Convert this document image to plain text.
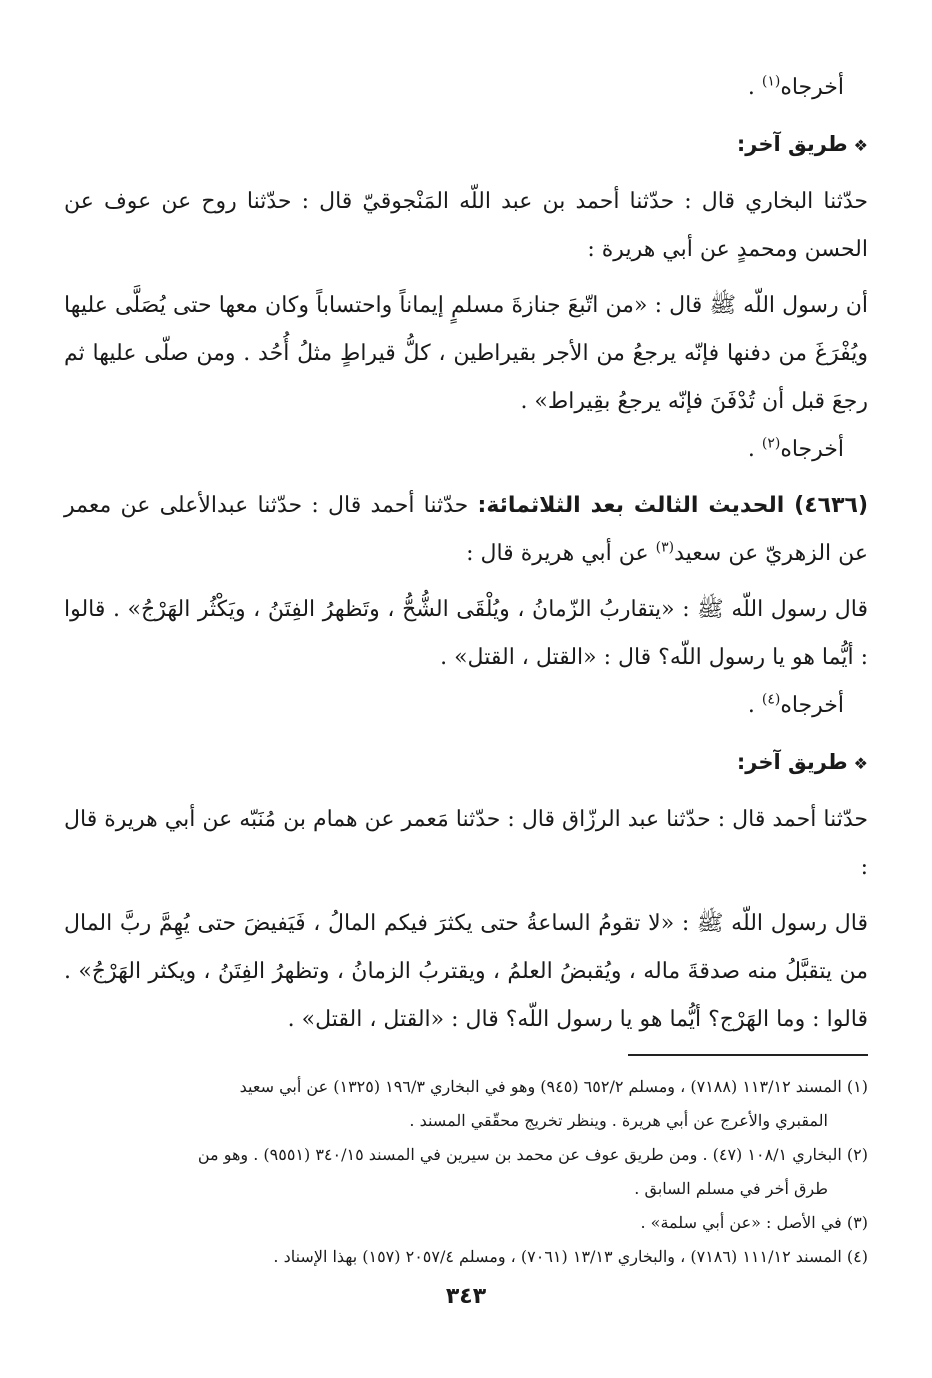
أخرجاه$^{(١)}$ .

❖طريق آخر:

حدّثنا البخاري قال : حدّثنا أحمد بن عبد اللّه المَنْجوقيّ قال : حدّثنا روح عن عوف عن الحسن ومحمدٍ عن أبي هريرة :

أن رسول اللّه ﷺ قال : «من اتّبعَ جنازةَ مسلمٍ إيماناً واحتساباً وكان معها حتى يُصَلَّى عليها ويُفْرَغَ من دفنها فإنّه يرجعُ من الأجر بقيراطين ، كلُّ قيراطٍ مثلُ أُحُد . ومن صلّى عليها ثم رجعَ قبل أن تُدْفَنَ فإنّه يرجعُ بقِيراط» .

أخرجاه$^{(٢)}$ .

(٤٦٣٦) الحديث الثالث بعد الثلاثمائة: حدّثنا أحمد قال : حدّثنا عبدالأعلى عن معمر عن الزهريّ عن سعيد$^{(٣)}$ عن أبي هريرة قال :

قال رسول اللّه ﷺ : «يتقاربُ الزّمانُ ، ويُلْقَى الشُّحُّ ، وتَظهرُ الفِتَنُ ، ويَكْثُر الهَرْجُ» . قالوا : أيُّما هو يا رسول اللّه؟ قال : «القتل ، القتل» .

أخرجاه$^{(٤)}$ .

❖طريق آخر:

حدّثنا أحمد قال : حدّثنا عبد الرزّاق قال : حدّثنا مَعمر عن همام بن مُنَبّه عن أبي هريرة قال :

قال رسول اللّه ﷺ : «لا تقومُ الساعةُ حتى يكثرَ فيكم المالُ ، فَيَفيضَ حتى يُهِمَّ ربَّ المال من يتقبَّلُ منه صدقةَ ماله ، ويُقبضُ العلمُ ، ويقتربُ الزمانُ ، وتظهرُ الفِتَنُ ، ويكثر الهَرْجُ» . قالوا : وما الهَرْج؟ أيُّما هو يا رسول اللّه؟ قال : «القتل ، القتل» .

(١) المسند ١١٣/١٢ (٧١٨٨) ، ومسلم ٦٥٢/٢ (٩٤٥) وهو في البخاري ١٩٦/٣ (١٣٢٥) عن أبي سعيد

المقبري والأعرج عن أبي هريرة . وينظر تخريج محقّقي المسند .

(٢) البخاري ١٠٨/١ (٤٧) . ومن طريق عوف عن محمد بن سيرين في المسند ٣٤٠/١٥ (٩٥٥١) . وهو من

طرق أخر في مسلم السابق .

(٣) في الأصل : «عن أبي سلمة» .

(٤) المسند ١١١/١٢ (٧١٨٦) ، والبخاري ١٣/١٣ (٧٠٦١) ، ومسلم ٢٠٥٧/٤ (١٥٧) بهذا الإسناد .

٣٤٣
